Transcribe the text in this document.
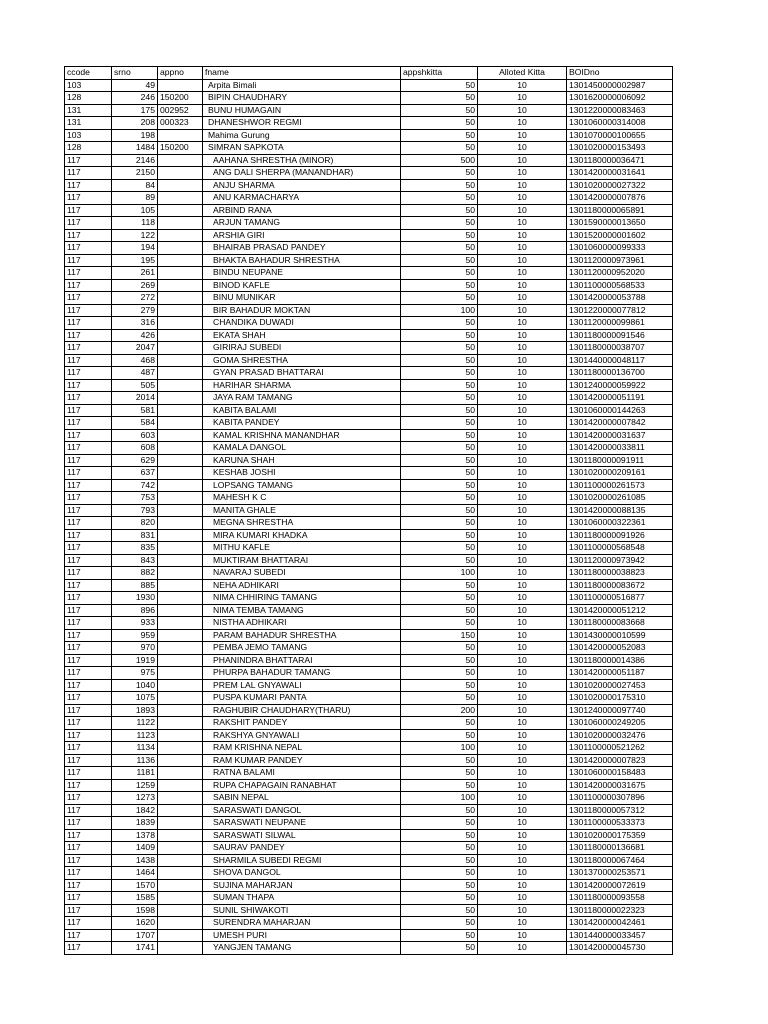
ccode	srno	appno	fname	appshkitta	Alloted Kitta	BOIDno
103	49		Arpita Bimali	50	10	1301450000002987
128	246	150200	BIPIN CHAUDHARY	50	10	1301620000006092
131	175	002952	BUNU HUMAGAIN	50	10	1301220000083463
131	208	000323	DHANESHWOR REGMI	50	10	1301060000314008
103	198		Mahima Gurung	50	10	1301070000100655
128	1484	150200	SIMRAN SAPKOTA	50	10	1301020000153493
117	2146		AAHANA SHRESTHA (MINOR)	500	10	1301180000036471
117	2150		ANG DALI SHERPA (MANANDHAR)	50	10	1301420000031641
117	84		ANJU SHARMA	50	10	1301020000027322
117	89		ANU KARMACHARYA	50	10	1301420000007876
117	105		ARBIND RANA	50	10	1301180000065891
117	118		ARJUN TAMANG	50	10	1301590000013650
117	122		ARSHIA GIRI	50	10	1301520000001602
117	194		BHAIRAB PRASAD PANDEY	50	10	1301060000099333
117	195		BHAKTA BAHADUR SHRESTHA	50	10	1301120000973961
117	261		BINDU NEUPANE	50	10	1301120000952020
117	269		BINOD KAFLE	50	10	1301100000568533
117	272		BINU MUNIKAR	50	10	1301420000053788
117	279		BIR BAHADUR MOKTAN	100	10	1301220000077812
117	316		CHANDIKA DUWADI	50	10	1301120000099861
117	426		EKATA SHAH	50	10	1301180000091546
117	2047		GIRIRAJ SUBEDI	50	10	1301180000038707
117	468		GOMA SHRESTHA	50	10	1301440000048117
117	487		GYAN PRASAD BHATTARAI	50	10	1301180000136700
117	505		HARIHAR SHARMA	50	10	1301240000059922
117	2014		JAYA RAM TAMANG	50	10	1301420000051191
117	581		KABITA BALAMI	50	10	1301060000144263
117	584		KABITA PANDEY	50	10	1301420000007842
117	603		KAMAL KRISHNA MANANDHAR	50	10	1301420000031637
117	608		KAMALA DANGOL	50	10	1301420000033811
117	629		KARUNA SHAH	50	10	1301180000091911
117	637		KESHAB JOSHI	50	10	1301020000209161
117	742		LOPSANG TAMANG	50	10	1301100000261573
117	753		MAHESH K C	50	10	1301020000261085
117	793		MANITA GHALE	50	10	1301420000088135
117	820		MEGNA SHRESTHA	50	10	1301060000322361
117	831		MIRA KUMARI KHADKA	50	10	1301180000091926
117	835		MITHU KAFLE	50	10	1301100000568548
117	843		MUKTIRAM BHATTARAI	50	10	1301120000973942
117	882		NAVARAJ SUBEDI	100	10	1301180000038823
117	885		NEHA ADHIKARI	50	10	1301180000083672
117	1930		NIMA CHHIRING TAMANG	50	10	1301100000516877
117	896		NIMA TEMBA TAMANG	50	10	1301420000051212
117	933		NISTHA ADHIKARI	50	10	1301180000083668
117	959		PARAM BAHADUR SHRESTHA	150	10	1301430000010599
117	970		PEMBA JEMO TAMANG	50	10	1301420000052083
117	1919		PHANINDRA BHATTARAI	50	10	1301180000014386
117	975		PHURPA BAHADUR TAMANG	50	10	1301420000051187
117	1040		PREM LAL GNYAWALI	50	10	1301020000027453
117	1075		PUSPA KUMARI PANTA	50	10	1301020000175310
117	1893		RAGHUBIR CHAUDHARY(THARU)	200	10	1301240000097740
117	1122		RAKSHIT PANDEY	50	10	1301060000249205
117	1123		RAKSHYA GNYAWALI	50	10	1301020000032476
117	1134		RAM KRISHNA NEPAL	100	10	1301100000521262
117	1136		RAM KUMAR PANDEY	50	10	1301420000007823
117	1181		RATNA BALAMI	50	10	1301060000158483
117	1259		RUPA CHAPAGAIN RANABHAT	50	10	1301420000031675
117	1273		SABIN NEPAL	100	10	1301100000307896
117	1842		SARASWATI DANGOL	50	10	1301180000057312
117	1839		SARASWATI NEUPANE	50	10	1301100000533373
117	1378		SARASWATI SILWAL	50	10	1301020000175359
117	1409		SAURAV PANDEY	50	10	1301180000136681
117	1438		SHARMILA SUBEDI REGMI	50	10	1301180000067464
117	1464		SHOVA DANGOL	50	10	1301370000253571
117	1570		SUJINA MAHARJAN	50	10	1301420000072619
117	1585		SUMAN THAPA	50	10	1301180000093558
117	1598		SUNIL SHIWAKOTI	50	10	1301180000022323
117	1620		SURENDRA MAHARJAN	50	10	1301420000042461
117	1707		UMESH PURI	50	10	1301440000033457
117	1741		YANGJEN TAMANG	50	10	1301420000045730
